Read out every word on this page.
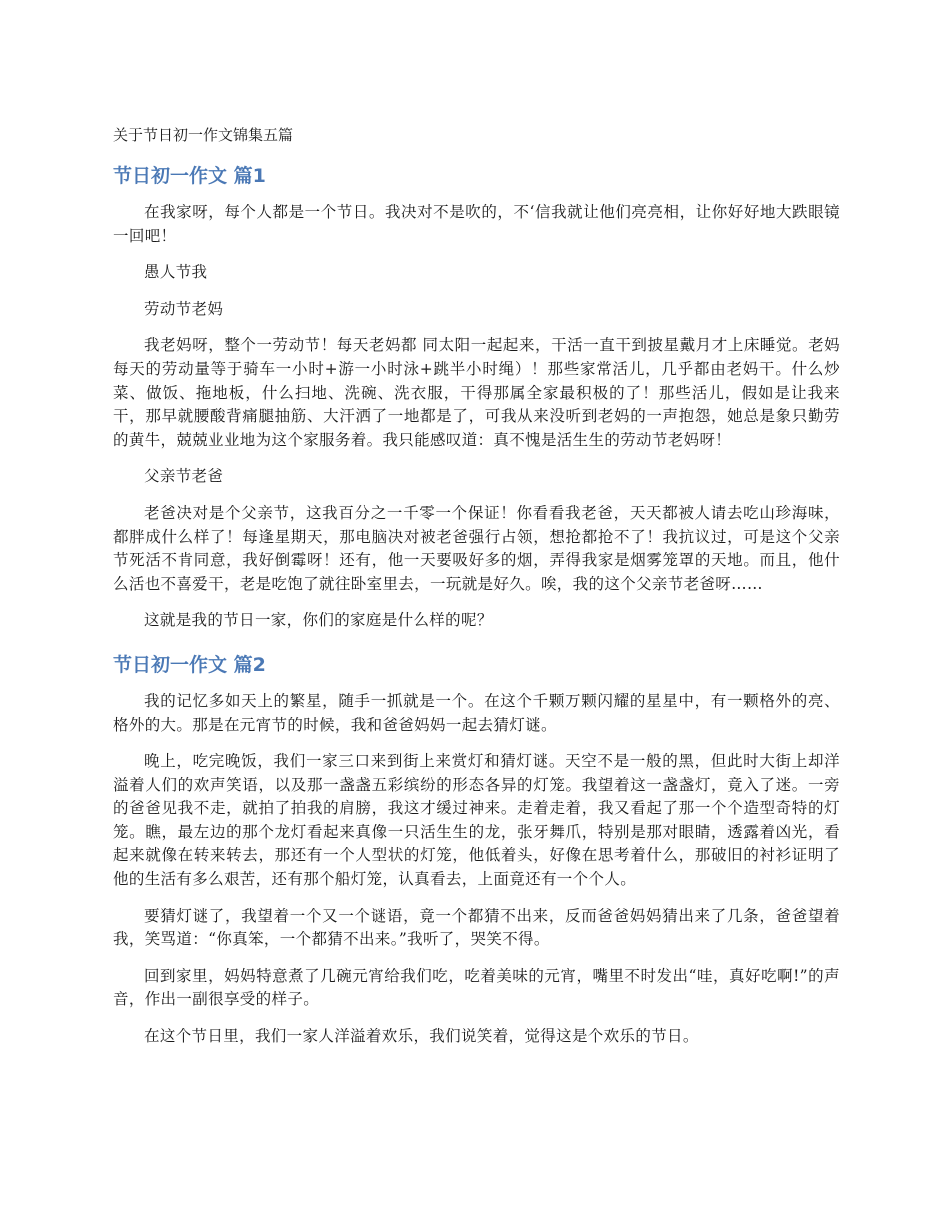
关于节日初一作文锦集五篇

节日初一作文 篇1

在我家呀，每个人都是一个节日。我决对不是吹的，不‘信我就让他们亮亮相，让你好好地大跌眼镜一回吧！

愚人节我

劳动节老妈

我老妈呀，整个一劳动节！每天老妈都 同太阳一起起来，干活一直干到披星戴月才上床睡觉。老妈每天的劳动量等于骑车一小时+游一小时泳+跳半小时绳）！那些家常活儿，几乎都由老妈干。什么炒菜、做饭、拖地板，什么扫地、洗碗、洗衣服，干得那属全家最积极的了！那些活儿，假如是让我来干，那早就腰酸背痛腿抽筋、大汗洒了一地都是了，可我从来没听到老妈的一声抱怨，她总是象只勤劳的黄牛，兢兢业业地为这个家服务着。我只能感叹道：真不愧是活生生的劳动节老妈呀！

父亲节老爸

老爸决对是个父亲节，这我百分之一千零一个保证！你看看我老爸，天天都被人请去吃山珍海味，都胖成什么样了！每逢星期天，那电脑决对被老爸强行占领，想抢都抢不了！我抗议过，可是这个父亲节死活不肯同意，我好倒霉呀！还有，他一天要吸好多的烟，弄得我家是烟雾笼罩的天地。而且，他什么活也不喜爱干，老是吃饱了就往卧室里去，一玩就是好久。唉，我的这个父亲节老爸呀……

这就是我的节日一家，你们的家庭是什么样的呢？

节日初一作文 篇2

我的记忆多如天上的繁星，随手一抓就是一个。在这个千颗万颗闪耀的星星中，有一颗格外的亮、格外的大。那是在元宵节的时候，我和爸爸妈妈一起去猜灯谜。

晚上，吃完晚饭，我们一家三口来到街上来赏灯和猜灯谜。天空不是一般的黑，但此时大街上却洋溢着人们的欢声笑语，以及那一盏盏五彩缤纷的形态各异的灯笼。我望着这一盏盏灯，竟入了迷。一旁的爸爸见我不走，就拍了拍我的肩膀，我这才缓过神来。走着走着，我又看起了那一个个造型奇特的灯笼。瞧，最左边的那个龙灯看起来真像一只活生生的龙，张牙舞爪，特别是那对眼睛，透露着凶光，看起来就像在转来转去，那还有一个人型状的灯笼，他低着头，好像在思考着什么，那破旧的衬衫证明了他的生活有多么艰苦，还有那个船灯笼，认真看去，上面竟还有一个个人。

要猜灯谜了，我望着一个又一个谜语，竟一个都猜不出来，反而爸爸妈妈猜出来了几条，爸爸望着我，笑骂道：“你真笨，一个都猜不出来。”我听了，哭笑不得。

回到家里，妈妈特意煮了几碗元宵给我们吃，吃着美味的元宵，嘴里不时发出“哇，真好吃啊!”的声音，作出一副很享受的样子。

在这个节日里，我们一家人洋溢着欢乐，我们说笑着，觉得这是个欢乐的节日。
